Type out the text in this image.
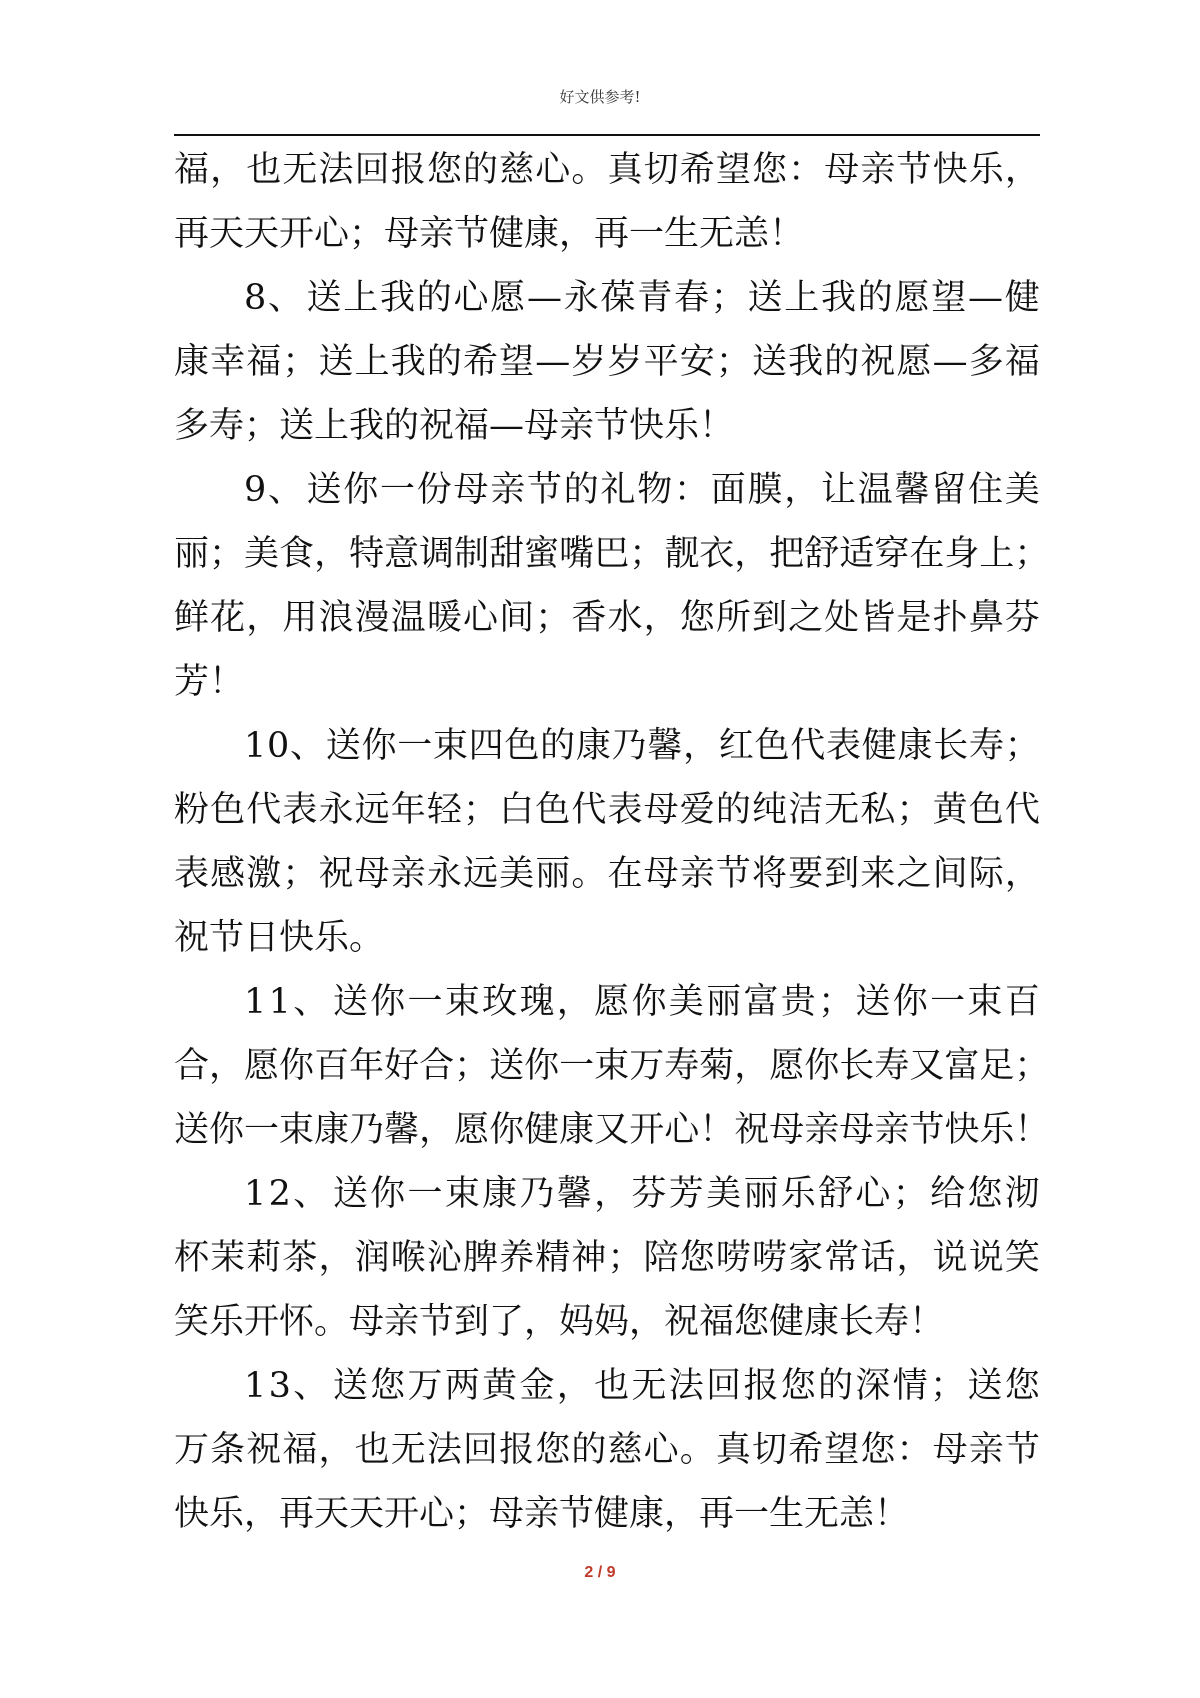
好文供参考!
福 ， 也 无 法 回 报 您 的 慈 心 。 真 切 希 望 您 ： 母 亲 节 快 乐 ，
再天天开心；母亲节健康，再一生无恙！
8 、 送 上 我 的 心 愿 — 永 葆 青 春 ； 送 上 我 的 愿 望 — 健
康 幸 福 ； 送 上 我 的 希 望 — 岁 岁 平 安 ； 送 我 的 祝 愿 — 多 福
多寿；送上我的祝福—母亲节快乐！
9 、 送 你 一 份 母 亲 节 的 礼 物 ： 面 膜 ， 让 温 馨 留 住 美
丽 ； 美 食 ， 特 意 调 制 甜 蜜 嘴 巴 ； 靓 衣 ， 把 舒 适 穿 在 身 上 ；
鲜 花 ， 用 浪 漫 温 暖 心 间 ； 香 水 ， 您 所 到 之 处 皆 是 扑 鼻 芬
芳！
1 0 、 送 你 一 束 四 色 的 康 乃 馨 ， 红 色 代 表 健 康 长 寿 ；
粉 色 代 表 永 远 年 轻 ； 白 色 代 表 母 爱 的 纯 洁 无 私 ； 黄 色 代
表 感 激 ； 祝 母 亲 永 远 美 丽 。 在 母 亲 节 将 要 到 来 之 间 际 ，
祝节日快乐。
1 1 、 送 你 一 束 玫 瑰 ， 愿 你 美 丽 富 贵 ； 送 你 一 束 百
合 ， 愿 你 百 年 好 合 ； 送 你 一 束 万 寿 菊 ， 愿 你 长 寿 又 富 足 ；
送 你 一 束 康 乃 馨 ， 愿 你 健 康 又 开 心 ！ 祝 母 亲 母 亲 节 快 乐 ！
1 2 、 送 你 一 束 康 乃 馨 ， 芬 芳 美 丽 乐 舒 心 ； 给 您 沏
杯 茉 莉 茶 ， 润 喉 沁 脾 养 精 神 ； 陪 您 唠 唠 家 常 话 ， 说 说 笑
笑乐开怀。母亲节到了，妈妈，祝福您健康长寿！
1 3 、 送 您 万 两 黄 金 ， 也 无 法 回 报 您 的 深 情 ； 送 您
万 条 祝 福 ， 也 无 法 回 报 您 的 慈 心 。 真 切 希 望 您 ： 母 亲 节
快乐，再天天开心；母亲节健康，再一生无恙！
2 / 9
